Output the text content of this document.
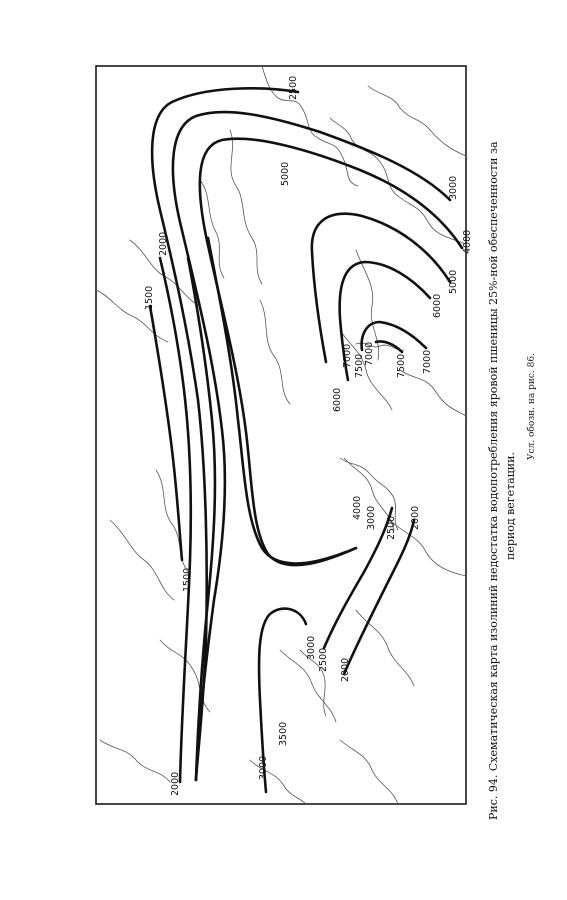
2500
5000
3000
4000
5000
6000
7000
7500
7000 7500 7000
6000
2000
1500
1500
4000 3000 2500 2000
3000 2500 2000
3500
3000
2000	Рис. 94. Схематическая карта изолиний недостатка водопотребления яровой пшеницы 25%-ной обеспеченности за период вегетации.
Усл. обозн. на рис. 86.
